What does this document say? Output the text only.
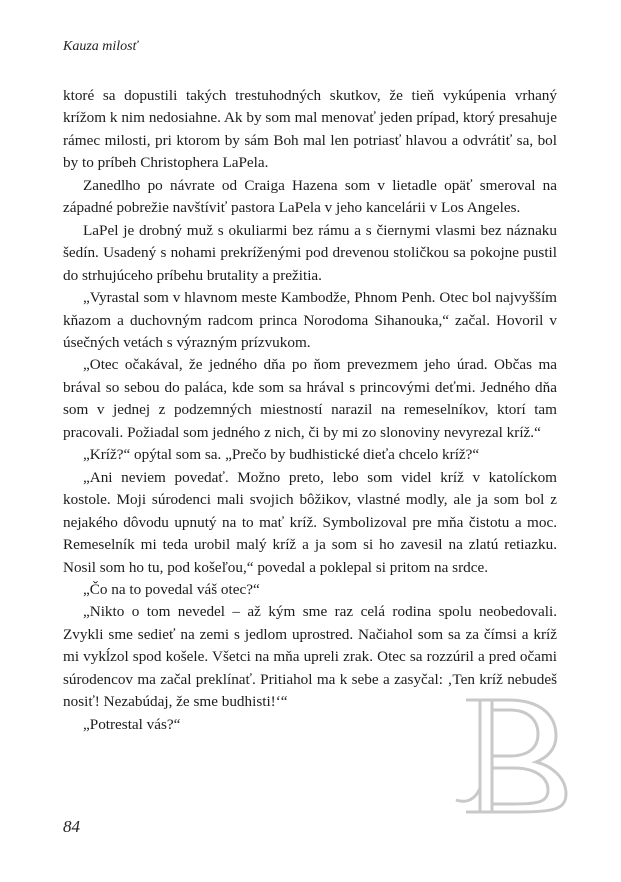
Kauza milosť

ktoré sa dopustili takých trestuhodných skutkov, že tieň vykúpenia vrhaný krížom k nim nedosiahne. Ak by som mal menovať jeden prípad, ktorý presahuje rámec milosti, pri ktorom by sám Boh mal len potriasť hlavou a odvrátiť sa, bol by to príbeh Christophera LaPela.

Zanedlho po návrate od Craiga Hazena som v lietadle opäť smeroval na západné pobrežie navštíviť pastora LaPela v jeho kancelárii v Los Angeles.

LaPel je drobný muž s okuliarmi bez rámu a s čiernymi vlasmi bez náznaku šedín. Usadený s nohami prekríženými pod drevenou stoličkou sa pokojne pustil do strhujúceho príbehu brutality a prežitia.

„Vyrastal som v hlavnom meste Kambodže, Phnom Penh. Otec bol najvyšším kňazom a duchovným radcom princa Norodoma Sihanouka,“ začal. Hovoril v úsečných vetách s výrazným prízvukom.

„Otec očakával, že jedného dňa po ňom prevezmem jeho úrad. Občas ma brával so sebou do paláca, kde som sa hrával s princovými deťmi. Jedného dňa som v jednej z podzemných miestností narazil na remeselníkov, ktorí tam pracovali. Požiadal som jedného z nich, či by mi zo slonoviny nevyrezal kríž.“

„Kríž?“ opýtal som sa. „Prečo by budhistické dieťa chcelo kríž?“

„Ani neviem povedať. Možno preto, lebo som videl kríž v katolíckom kostole. Moji súrodenci mali svojich bôžikov, vlastné modly, ale ja som bol z nejakého dôvodu upnutý na to mať kríž. Symbolizoval pre mňa čistotu a moc. Remeselník mi teda urobil malý kríž a ja som si ho zavesil na zlatú retiazku. Nosil som ho tu, pod košeľou,“ povedal a poklepal si pritom na srdce.

„Čo na to povedal váš otec?“

„Nikto o tom nevedel – až kým sme raz celá rodina spolu neobedovali. Zvykli sme sedieť na zemi s jedlom uprostred. Načiahol som sa za čímsi a kríž mi vykĺzol spod košele. Všetci na mňa upreli zrak. Otec sa rozzúril a pred očami súrodencov ma začal preklínať. Pritiahol ma k sebe a zasyčal: ‚Ten kríž nebudeš nosiť! Nezabúdaj, že sme budhisti!‘“

„Potrestal vás?“

84
